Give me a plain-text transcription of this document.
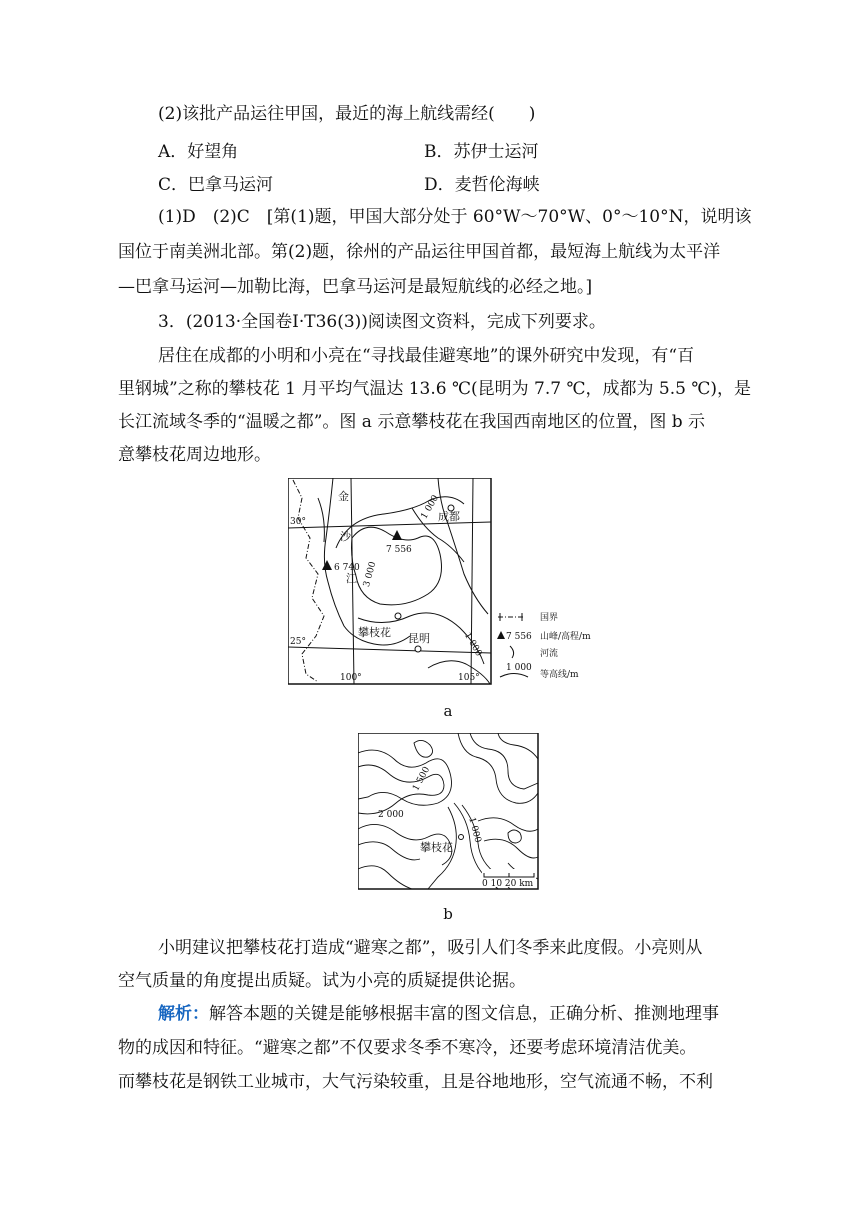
(2)该批产品运往甲国，最近的海上航线需经(　　)
A．好望角	B．苏伊士运河
C．巴拿马运河	D．麦哲伦海峡
(1)D　(2)C　[第(1)题，甲国大部分处于 60°W～70°W、0°～10°N，说明该
国位于南美洲北部。第(2)题，徐州的产品运往甲国首都，最短海上航线为太平洋
—巴拿马运河—加勒比海，巴拿马运河是最短航线的必经之地。]
3．(2013·全国卷Ⅰ·T36(3))阅读图文资料，完成下列要求。
居住在成都的小明和小亮在“寻找最佳避寒地”的课外研究中发现，有“百
里钢城”之称的攀枝花 1 月平均气温达 13.6 ℃(昆明为 7.7 ℃，成都为 5.5 ℃)，是
长江流域冬季的“温暖之都”。图 a 示意攀枝花在我国西南地区的位置，图 b 示
意攀枝花周边地形。
金
沙
江
成都
昆明
攀枝花
7 556
6 740
1 000
3 000
1 000
30°
25°
100°	105°
国界
7 556 山峰/高程/m
河流
1 000
等高线/m
a
1 500
2 000
1 000
攀枝花
0 10 20 km
b
小明建议把攀枝花打造成“避寒之都”，吸引人们冬季来此度假。小亮则从
空气质量的角度提出质疑。试为小亮的质疑提供论据。
解析：解答本题的关键是能够根据丰富的图文信息，正确分析、推测地理事
物的成因和特征。“避寒之都”不仅要求冬季不寒冷，还要考虑环境清洁优美。
而攀枝花是钢铁工业城市，大气污染较重，且是谷地地形，空气流通不畅，不利
